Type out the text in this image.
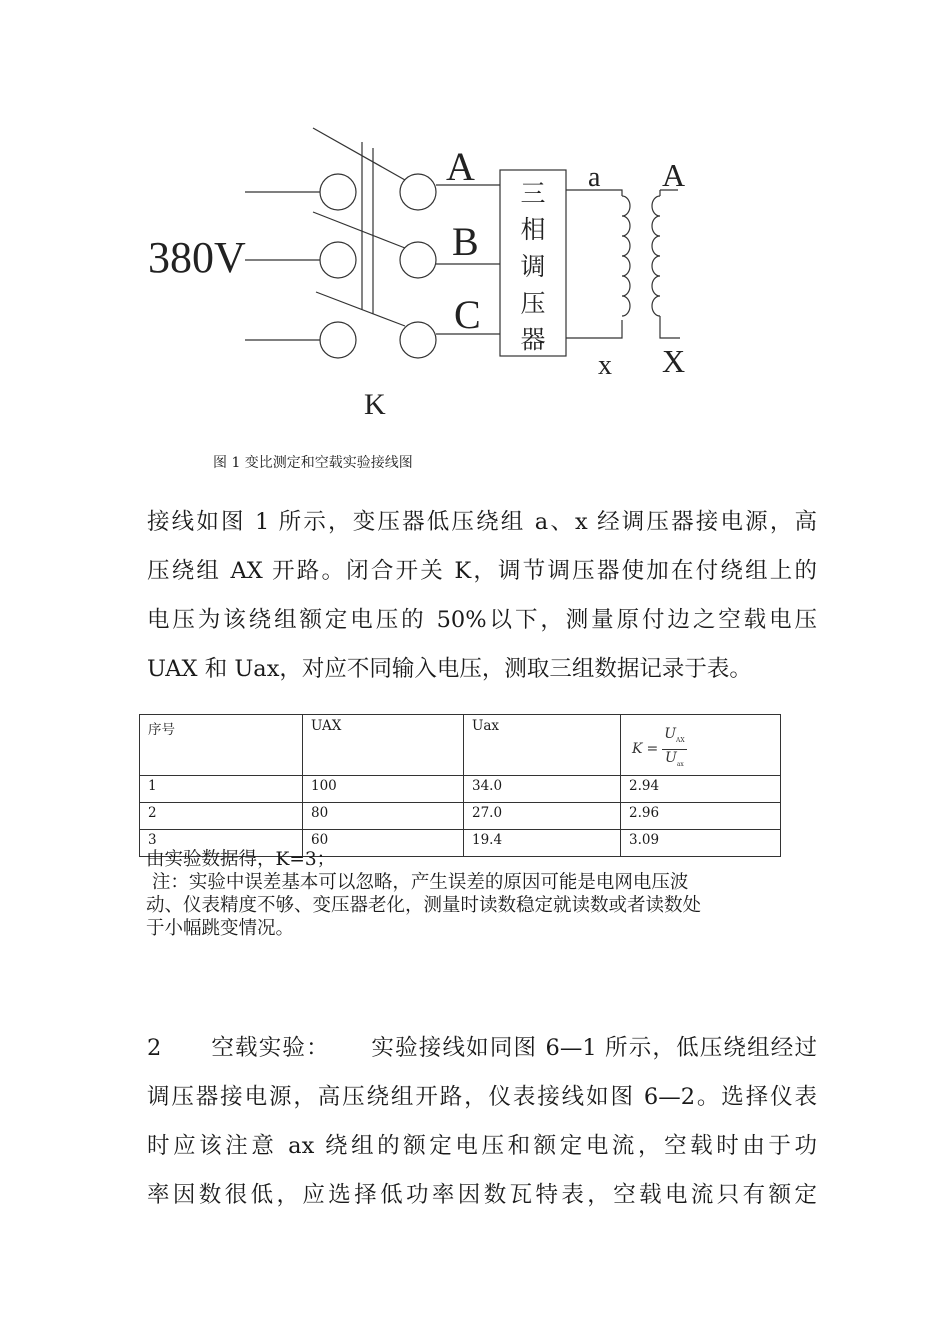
380V
K
A
B
C
a
x
A
X
三
相
调
压
器
图 1 变比测定和空载实验接线图
接线如图 1 所示，变压器低压绕组 a、x 经调压器接电源，高
压绕组 AX 开路。闭合开关 K，调节调压器使加在付绕组上的
电压为该绕组额定电压的 50%以下，测量原付边之空载电压
UAX 和 Uax，对应不同输入电压，测取三组数据记录于表。
序号	UAX	Uax	$K = \frac{U_{AX}}{U_{ax}}$

1	100	34.0	2.94
2	80	27.0	2.96
3	60	19.4	3.09
由实验数据得，K=3；
注：实验中误差基本可以忽略，产生误差的原因可能是电网电压波
动、仪表精度不够、变压器老化，测量时读数稳定就读数或者读数处
于小幅跳变情况。
2      空载实验：     实验接线如同图 6—1 所示，低压绕组经过
调压器接电源，高压绕组开路，仪表接线如图 6—2。选择仪表
时应该注意 ax 绕组的额定电压和额定电流，空载时由于功
率因数很低，应选择低功率因数瓦特表，空载电流只有额定
